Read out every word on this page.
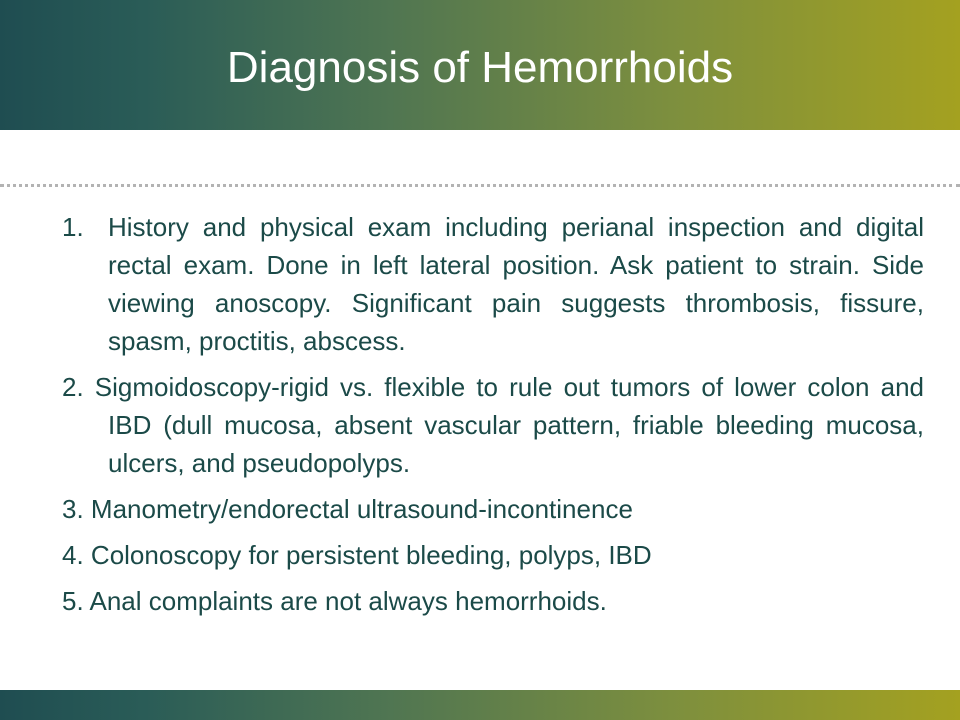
Diagnosis of Hemorrhoids
1. History and physical exam including perianal inspection and digital rectal exam. Done in left lateral position. Ask patient to strain. Side viewing anoscopy. Significant pain suggests thrombosis, fissure, spasm, proctitis, abscess.
2. Sigmoidoscopy-rigid vs. flexible to rule out tumors of lower colon and IBD (dull mucosa, absent vascular pattern, friable bleeding mucosa, ulcers, and pseudopolyps.
3. Manometry/endorectal ultrasound-incontinence
4. Colonoscopy for persistent bleeding, polyps, IBD
5. Anal complaints are not always hemorrhoids.
